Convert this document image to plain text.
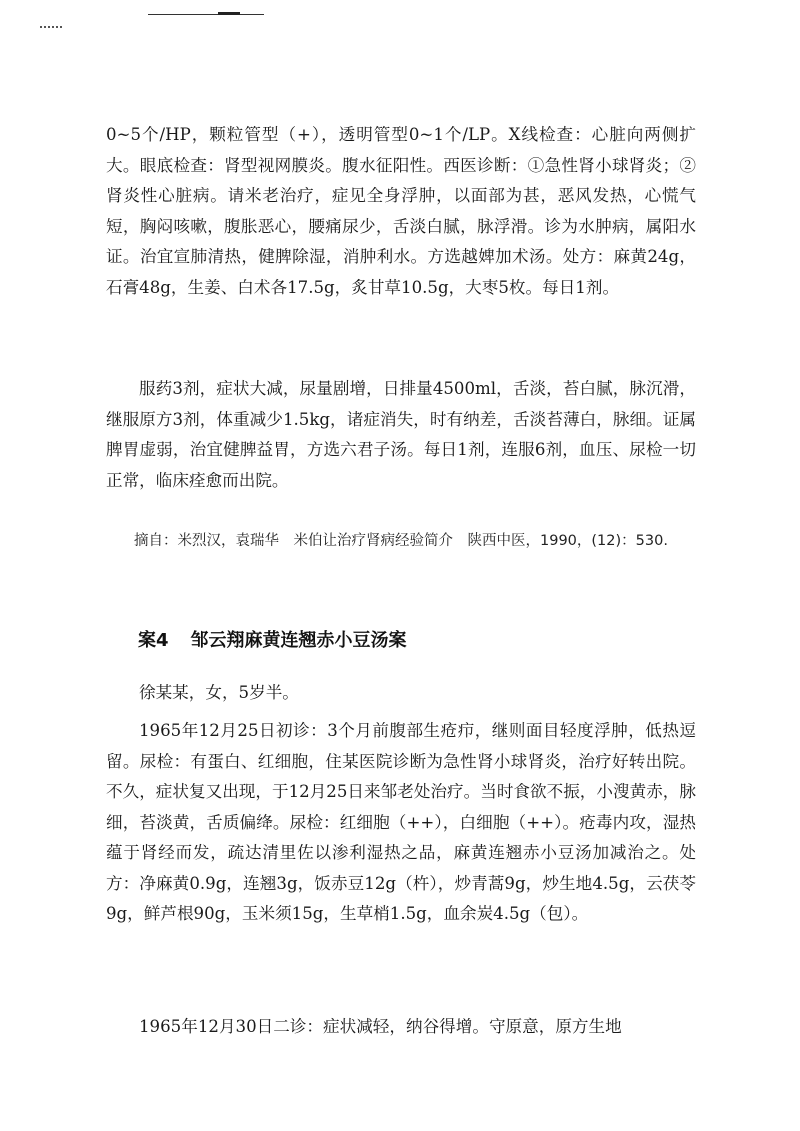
0~5个/HP，颗粒管型（+），透明管型0~1个/LP。X线检查：心脏向两侧扩大。眼底检查：肾型视网膜炎。腹水征阳性。西医诊断：①急性肾小球肾炎；②肾炎性心脏病。请米老治疗，症见全身浮肿，以面部为甚，恶风发热，心慌气短，胸闷咳嗽，腹胀恶心，腰痛尿少，舌淡白腻，脉浮滑。诊为水肿病，属阳水证。治宜宣肺清热，健脾除湿，消肿利水。方选越婢加术汤。处方：麻黄24g，石膏48g，生姜、白术各17.5g，炙甘草10.5g，大枣5枚。每日1剂。

服药3剂，症状大减，尿量剧增，日排量4500ml，舌淡，苔白腻，脉沉滑，继服原方3剂，体重减少1.5kg，诸症消失，时有纳差，舌淡苔薄白，脉细。证属脾胃虚弱，治宜健脾益胃，方选六君子汤。每日1剂，连服6剂，血压、尿检一切正常，临床痊愈而出院。

摘自：米烈汉，袁瑞华　米伯让治疗肾病经验简介　陕西中医，1990，(12)：530.
案4 邹云翔麻黄连翘赤小豆汤案

徐某某，女，5岁半。

1965年12月25日初诊：3个月前腹部生疮疖，继则面目轻度浮肿，低热逗留。尿检：有蛋白、红细胞，住某医院诊断为急性肾小球肾炎，治疗好转出院。不久，症状复又出现，于12月25日来邹老处治疗。当时食欲不振，小溲黄赤，脉细，苔淡黄，舌质偏绛。尿检：红细胞（++），白细胞（++）。疮毒内攻，湿热蕴于肾经而发，疏达清里佐以渗利湿热之品，麻黄连翘赤小豆汤加减治之。处方：净麻黄0.9g，连翘3g，饭赤豆12g（杵），炒青蒿9g，炒生地4.5g，云茯苓9g，鲜芦根90g，玉米须15g，生草梢1.5g，血余炭4.5g（包）。

1965年12月30日二诊：症状减轻，纳谷得增。守原意，原方生地
